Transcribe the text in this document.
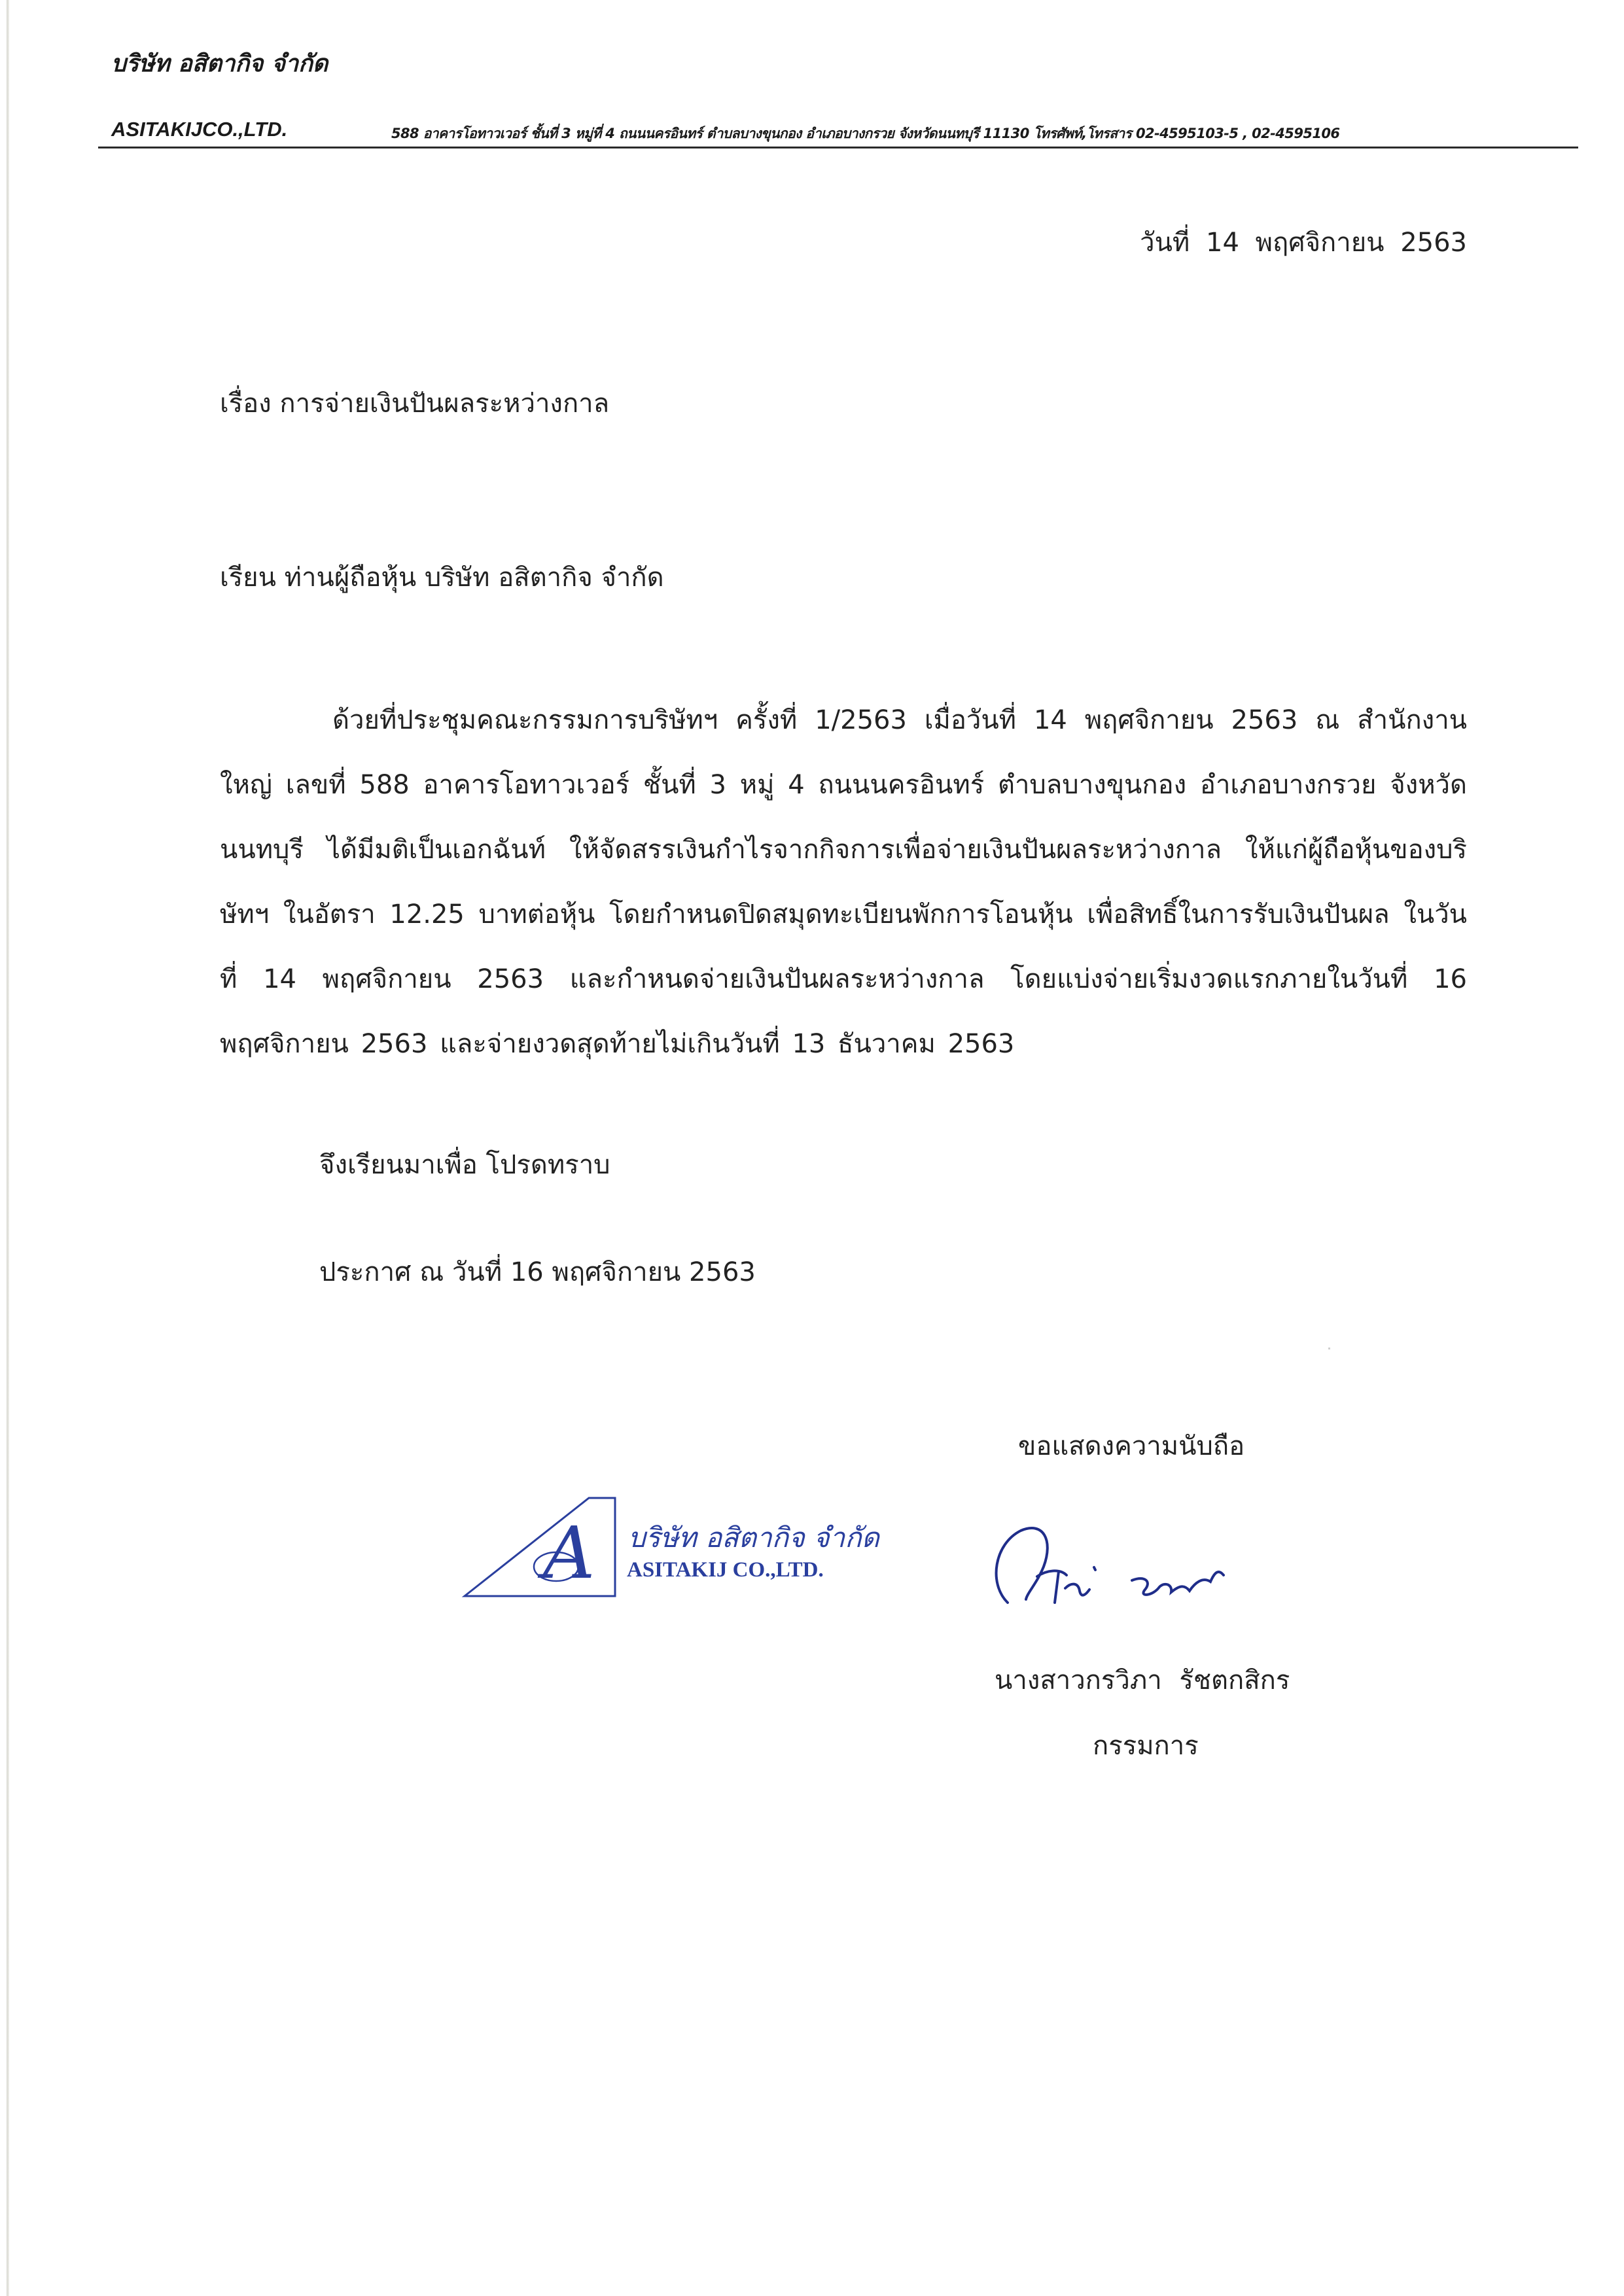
บริษัท อสิตากิจ จำกัด
ASITAKIJCO.,LTD.	588 อาคารโอทาวเวอร์ ชั้นที่ 3 หมู่ที่ 4 ถนนนครอินทร์ ตำบลบางขุนกอง อำเภอบางกรวย จังหวัดนนทบุรี 11130 โทรศัพท์,โทรสาร 02-4595103-5 , 02-4595106
วันที่ 14 พฤศจิกายน 2563
เรื่อง การจ่ายเงินปันผลระหว่างกาล
เรียน ท่านผู้ถือหุ้น บริษัท อสิตากิจ จำกัด

ด้วยที่ประชุมคณะกรรมการบริษัทฯ ครั้งที่ 1/2563 เมื่อวันที่ 14 พฤศจิกายน 2563 ณ สำนักงานใหญ่ เลขที่ 588 อาคารโอทาวเวอร์ ชั้นที่ 3 หมู่ 4 ถนนนครอินทร์ ตำบลบางขุนกอง อำเภอบางกรวย จังหวัดนนทบุรี ได้มีมติเป็นเอกฉันท์ ให้จัดสรรเงินกำไรจากกิจการเพื่อจ่ายเงินปันผลระหว่างกาล ให้แก่ผู้ถือหุ้นของบริษัทฯ ในอัตรา 12.25 บาทต่อหุ้น โดยกำหนดปิดสมุดทะเบียนพักการโอนหุ้น เพื่อสิทธิ์ในการรับเงินปันผล ในวันที่ 14 พฤศจิกายน 2563 และกำหนดจ่ายเงินปันผลระหว่างกาล โดยแบ่งจ่ายเริ่มงวดแรกภายในวันที่ 16 พฤศจิกายน 2563 และจ่ายงวดสุดท้ายไม่เกินวันที่ 13 ธันวาคม 2563

จึงเรียนมาเพื่อ โปรดทราบ
ประกาศ ณ วันที่ 16 พฤศจิกายน 2563
ขอแสดงความนับถือ
A บริษัท อสิตากิจ จำกัด
ASITAKIJ CO.,LTD.
นางสาวกรวิภา รัชตกสิกร
กรรมการ
